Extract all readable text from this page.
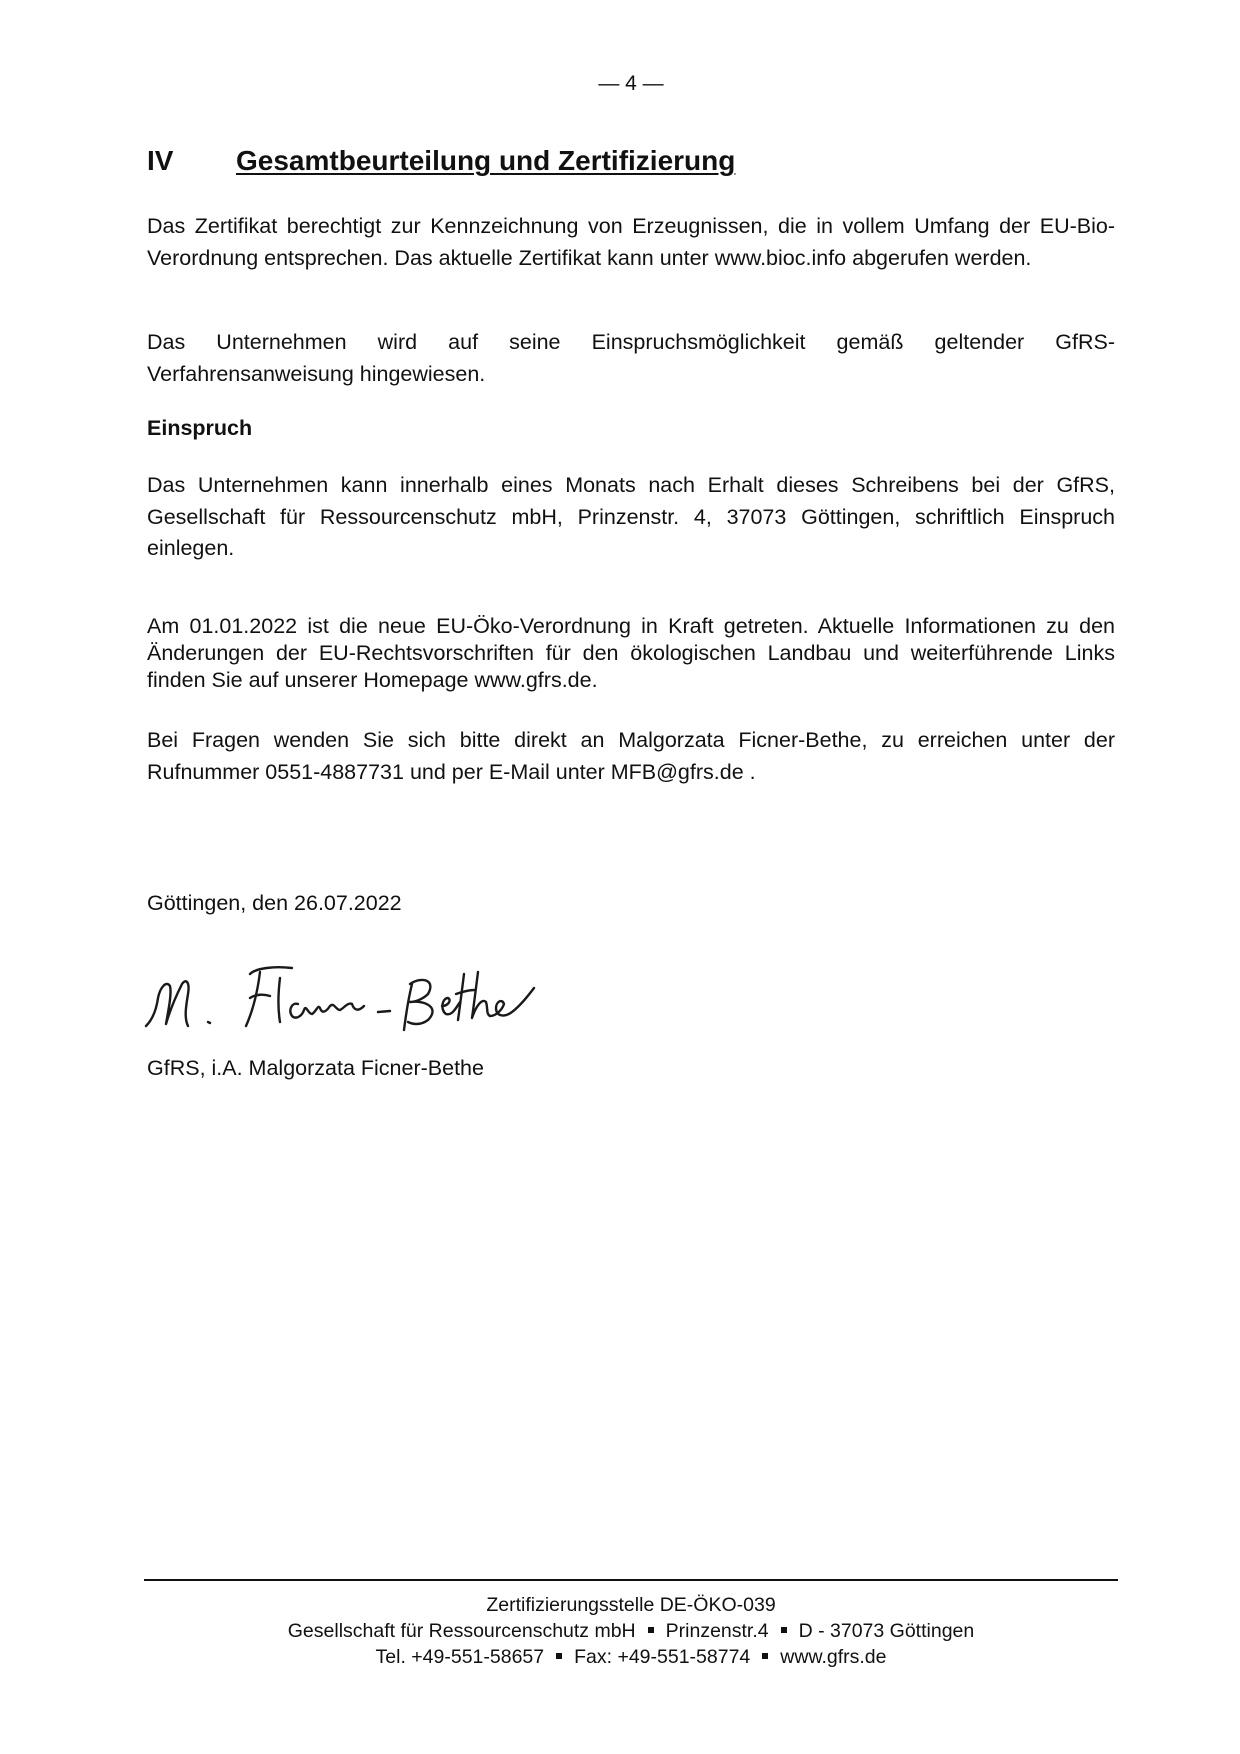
— 4 —
IV Gesamtbeurteilung und Zertifizierung

Das Zertifikat berechtigt zur Kennzeichnung von Erzeugnissen, die in vollem Umfang der EU-Bio-Verordnung entsprechen. Das aktuelle Zertifikat kann unter www.bioc.info abgerufen werden.

Das Unternehmen wird auf seine Einspruchsmöglichkeit gemäß geltender GfRS-Verfahrensanweisung hingewiesen.

Einspruch

Das Unternehmen kann innerhalb eines Monats nach Erhalt dieses Schreibens bei der GfRS, Gesellschaft für Ressourcenschutz mbH, Prinzenstr. 4, 37073 Göttingen, schriftlich Einspruch einlegen.

Am 01.01.2022 ist die neue EU-Öko-Verordnung in Kraft getreten. Aktuelle Informationen zu den Änderungen der EU-Rechtsvorschriften für den ökologischen Landbau und weiterführende Links finden Sie auf unserer Homepage www.gfrs.de.

Bei Fragen wenden Sie sich bitte direkt an Malgorzata Ficner-Bethe, zu erreichen unter der Rufnummer 0551-4887731 und per E-Mail unter MFB@gfrs.de .

Göttingen, den 26.07.2022
GfRS, i.A. Malgorzata Ficner-Bethe
Zertifizierungsstelle DE-ÖKO-039
Gesellschaft für Ressourcenschutz mbH Prinzenstr.4 D - 37073 Göttingen
Tel. +49-551-58657 Fax: +49-551-58774 www.gfrs.de
